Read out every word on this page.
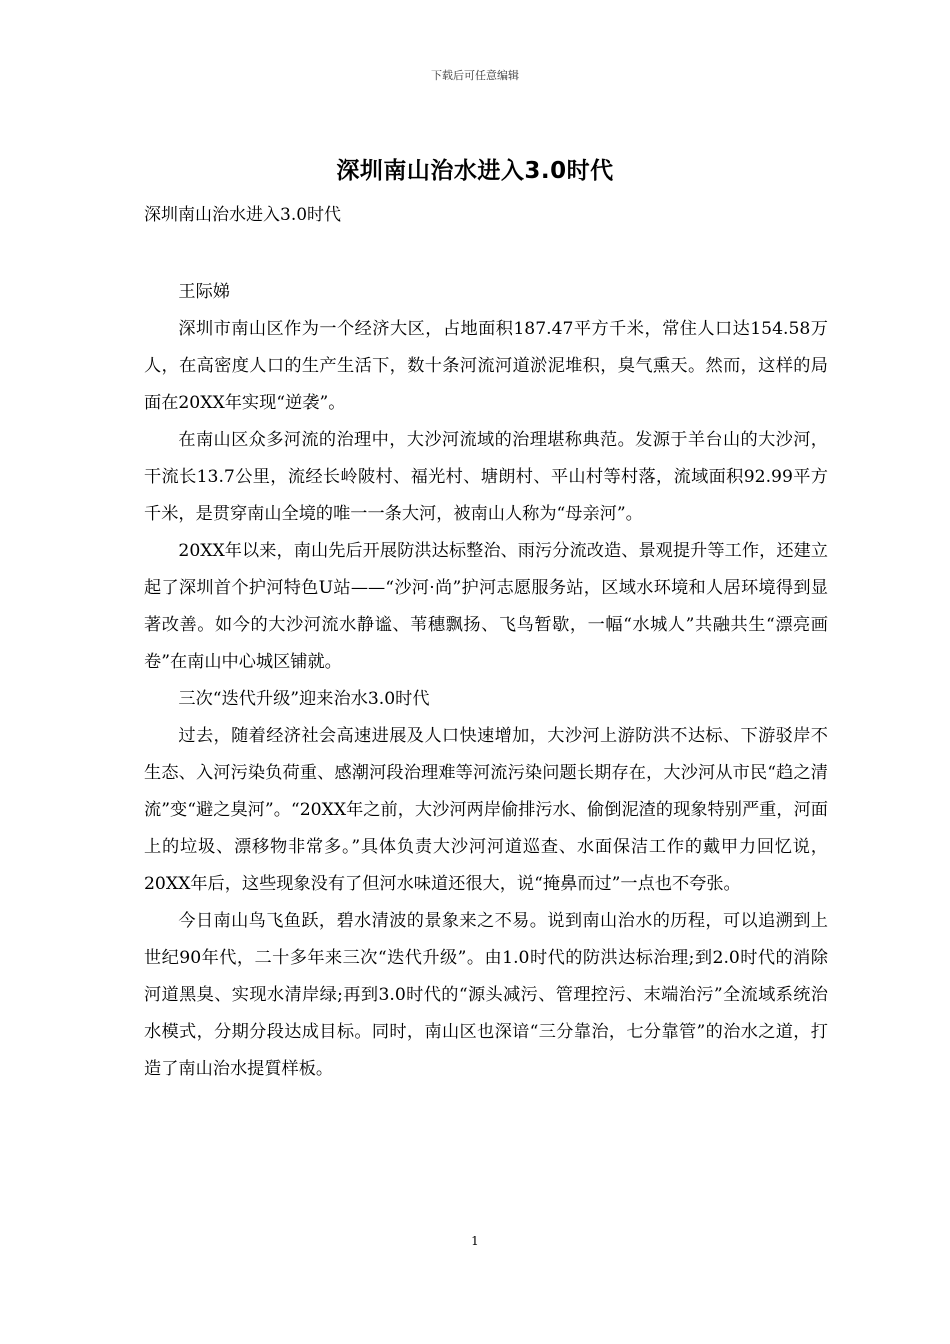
下载后可任意编辑
深圳南山治水进入3.0时代
深圳南山治水进入3.0时代

王际娣

深圳市南山区作为一个经济大区，占地面积187.47平方千米，常住人口达154.58万人，在高密度人口的生产生活下，数十条河流河道淤泥堆积，臭气熏天。然而，这样的局面在20XX年实现“逆袭”。

在南山区众多河流的治理中，大沙河流域的治理堪称典范。发源于羊台山的大沙河，干流长13.7公里，流经长岭陂村、福光村、塘朗村、平山村等村落，流域面积92.99平方千米，是贯穿南山全境的唯一一条大河，被南山人称为“母亲河”。

20XX年以来，南山先后开展防洪达标整治、雨污分流改造、景观提升等工作，还建立起了深圳首个护河特色U站——“沙河·尚”护河志愿服务站，区域水环境和人居环境得到显著改善。如今的大沙河流水静谧、苇穗飘扬、飞鸟暂歇，一幅“水城人”共融共生“漂亮画卷”在南山中心城区铺就。

三次“迭代升级”迎来治水3.0时代

过去，随着经济社会高速进展及人口快速增加，大沙河上游防洪不达标、下游驳岸不生态、入河污染负荷重、感潮河段治理难等河流污染问题长期存在，大沙河从市民“趋之清流”变“避之臭河”。“20XX年之前，大沙河两岸偷排污水、偷倒泥渣的现象特别严重，河面上的垃圾、漂移物非常多。”具体负责大沙河河道巡查、水面保洁工作的戴甲力回忆说，20XX年后，这些现象没有了但河水味道还很大，说“掩鼻而过”一点也不夸张。

今日南山鸟飞鱼跃，碧水清波的景象来之不易。说到南山治水的历程，可以追溯到上世纪90年代，二十多年来三次“迭代升级”。由1.0时代的防洪达标治理;到2.0时代的消除河道黑臭、实现水清岸绿;再到3.0时代的“源头减污、管理控污、末端治污”全流域系统治水模式，分期分段达成目标。同时，南山区也深谙“三分靠治，七分靠管”的治水之道，打造了南山治水提質样板。

1
